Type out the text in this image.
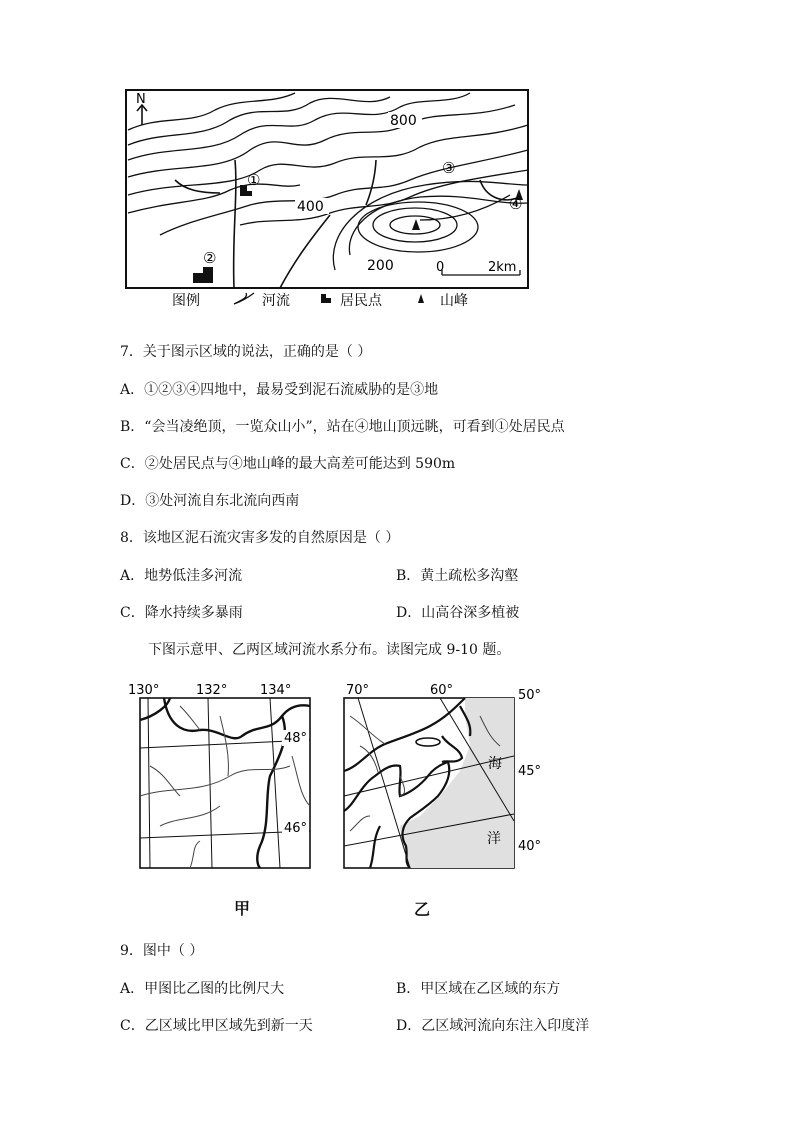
N
①
②
③
④
800
400
200	0	2km
图例	河流	居民点	山峰
7．关于图示区域的说法，正确的是（ ）
A．①②③④四地中，最易受到泥石流威胁的是③地
B．“会当凌绝顶，一览众山小”，站在④地山顶远眺，可看到①处居民点
C．②处居民点与④地山峰的最大高差可能达到 590m
D．③处河流自东北流向西南
8．该地区泥石流灾害多发的自然原因是（ ）
A．地势低洼多河流	B．黄土疏松多沟壑
C．降水持续多暴雨	D．山高谷深多植被
下图示意甲、乙两区域河流水系分布。读图完成 9-10 题。
130°	132°	134°
48°
46°
70°	60°
海
洋
50°
45°
40°
甲	乙
9．图中（ ）
A．甲图比乙图的比例尺大	B．甲区域在乙区域的东方
C．乙区域比甲区域先到新一天	D．乙区域河流向东注入印度洋
